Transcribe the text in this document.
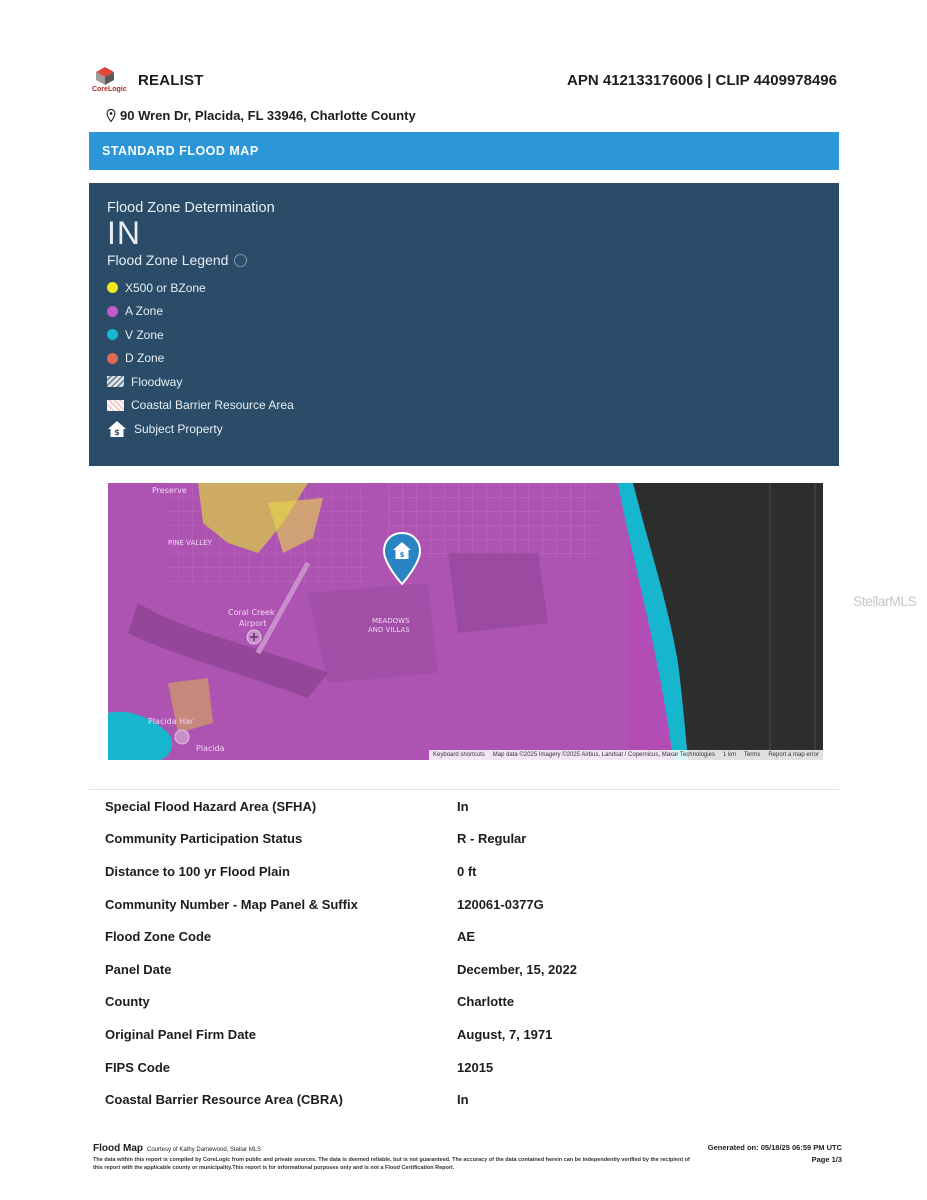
CoreLogic
REALIST	APN 412133176006 | CLIP 4409978496
90 Wren Dr, Placida, FL 33946, Charlotte County
STANDARD FLOOD MAP
Flood Zone Determination
IN
Flood Zone Legend
X500 or BZone
A Zone
V Zone
D Zone
Floodway
Coastal Barrier Resource Area
$ Subject Property
$
Preserve
PINE VALLEY
Coral Creek
Airport	MEADOWS
AND VILLAS
Placida Har
Placida
Keyboard shortcuts Map data ©2025 Imagery ©2025 Airbus, Landsat / Copernicus, Maxar Technologies 1 km Terms Report a map error
StellarMLS
Special Flood Hazard Area (SFHA)	In
Community Participation Status	R - Regular
Distance to 100 yr Flood Plain	0 ft
Community Number - Map Panel & Suffix	120061-0377G
Flood Zone Code	AE
Panel Date	December, 15, 2022
County	Charlotte
Original Panel Firm Date	August, 7, 1971
FIPS Code	12015
Coastal Barrier Resource Area (CBRA)	In
Flood Map Courtesy of Kathy Damewood, Stellar MLS
The data within this report is compiled by CoreLogic from public and private sources. The data is deemed reliable, but is not guaranteed. The accuracy of the data contained herein can be independently verified by the recipient of this report with the applicable county or municipality.This report is for informational purposes only and is not a Flood Certification Report.
Generated on: 05/18/25 06:59 PM UTC
Page 1/3
